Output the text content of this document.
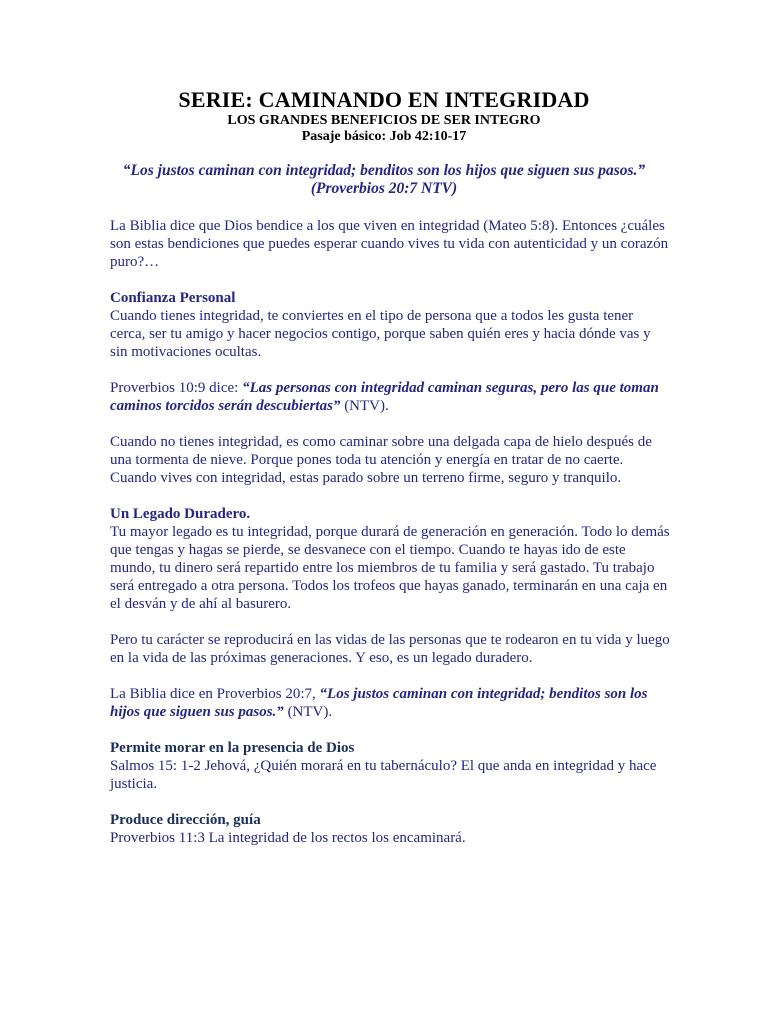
SERIE: CAMINANDO EN INTEGRIDAD
LOS GRANDES BENEFICIOS DE SER INTEGRO
Pasaje básico: Job 42:10-17
“Los justos caminan con integridad; benditos son los hijos que siguen sus pasos.” (Proverbios 20:7 NTV)

La Biblia dice que Dios bendice a los que viven en integridad (Mateo 5:8). Entonces ¿cuáles son estas bendiciones que puedes esperar cuando vives tu vida con autenticidad y un corazón puro?…

Confianza Personal
Cuando tienes integridad, te conviertes en el tipo de persona que a todos les gusta tener cerca, ser tu amigo y hacer negocios contigo, porque saben quién eres y hacia dónde vas y sin motivaciones ocultas.

Proverbios 10:9 dice: “Las personas con integridad caminan seguras, pero las que toman caminos torcidos serán descubiertas” (NTV).

Cuando no tienes integridad, es como caminar sobre una delgada capa de hielo después de una tormenta de nieve. Porque pones toda tu atención y energía en tratar de no caerte. Cuando vives con integridad, estas parado sobre un terreno firme, seguro y tranquilo.

Un Legado Duradero.
Tu mayor legado es tu integridad, porque durará de generación en generación. Todo lo demás que tengas y hagas se pierde, se desvanece con el tiempo. Cuando te hayas ido de este mundo, tu dinero será repartido entre los miembros de tu familia y será gastado. Tu trabajo será entregado a otra persona. Todos los trofeos que hayas ganado, terminarán en una caja en el desván y de ahí al basurero.

Pero tu carácter se reproducirá en las vidas de las personas que te rodearon en tu vida y luego en la vida de las próximas generaciones. Y eso, es un legado duradero.

La Biblia dice en Proverbios 20:7, “Los justos caminan con integridad; benditos son los hijos que siguen sus pasos.” (NTV).

Permite morar en la presencia de Dios
Salmos 15: 1-2 Jehová, ¿Quién morará en tu tabernáculo? El que anda en integridad y hace justicia.

Produce dirección, guía
Proverbios 11:3 La integridad de los rectos los encaminará.
